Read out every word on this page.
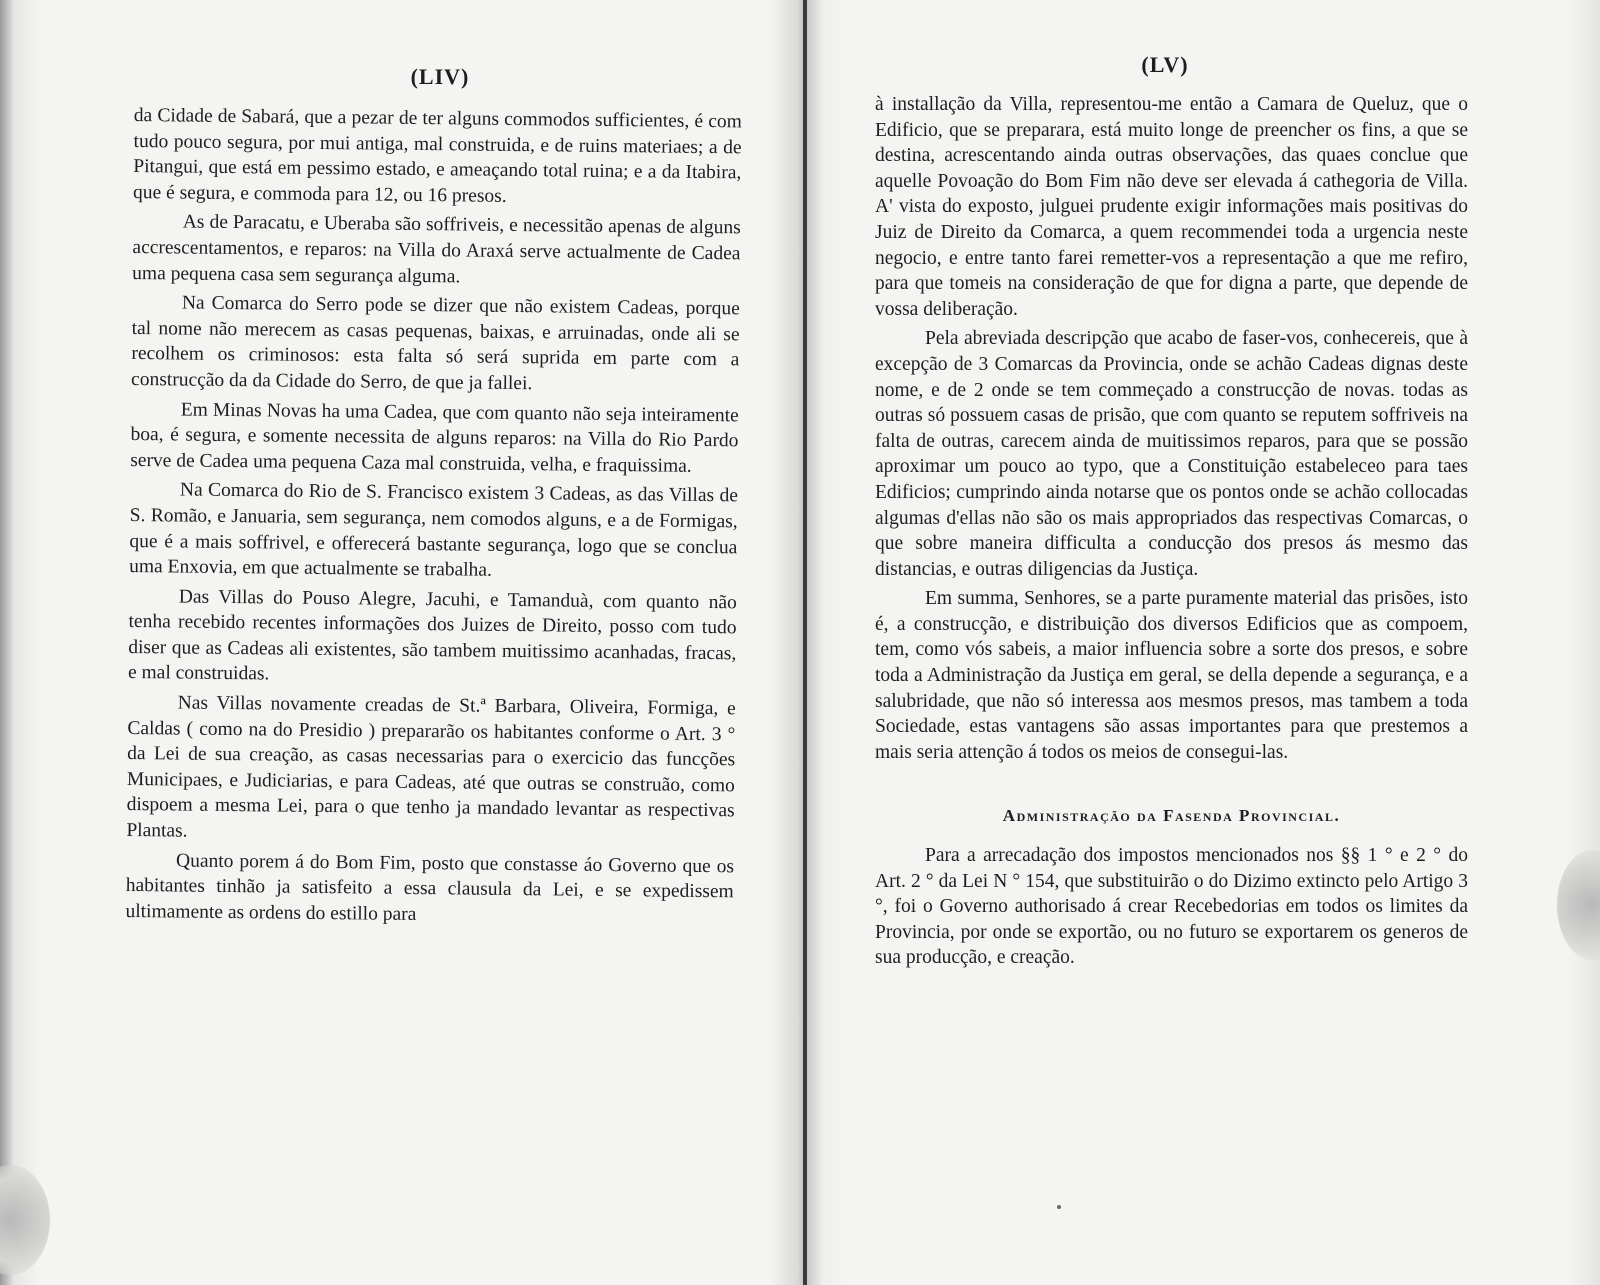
(LIV)

da Cidade de Sabará, que a pezar de ter alguns commodos sufficientes, é com tudo pouco segura, por mui antiga, mal construida, e de ruins materiaes; a de Pitangui, que está em pessimo estado, e ameaçando total ruina; e a da Itabira, que é segura, e commoda para 12, ou 16 presos.

As de Paracatu, e Uberaba são soffriveis, e necessitão apenas de alguns accrescentamentos, e reparos: na Villa do Araxá serve actualmente de Cadea uma pequena casa sem segurança alguma.

Na Comarca do Serro pode se dizer que não existem Cadeas, porque tal nome não merecem as casas pequenas, baixas, e arruinadas, onde ali se recolhem os criminosos: esta falta só será suprida em parte com a construcção da da Cidade do Serro, de que ja fallei.

Em Minas Novas ha uma Cadea, que com quanto não seja inteiramente boa, é segura, e somente necessita de alguns reparos: na Villa do Rio Pardo serve de Cadea uma pequena Caza mal construida, velha, e fraquissima.

Na Comarca do Rio de S. Francisco existem 3 Cadeas, as das Villas de S. Romão, e Januaria, sem segurança, nem comodos alguns, e a de Formigas, que é a mais soffrivel, e offerecerá bastante segurança, logo que se concluа uma Enxovia, em que actualmente se trabalha.

Das Villas do Pouso Alegre, Jacuhi, e Tamanduà, com quanto não tenha recebido recentes informações dos Juizes de Direito, posso com tudo diser que as Cadeas ali existentes, são tambem muitissimo acanhadas, fracas, e mal construidas.

Nas Villas novamente creadas de St.ª Barbara, Oliveira, Formiga, e Caldas ( como na do Presidio ) prepararão os habitantes conforme o Art. 3 ° da Lei de sua creação, as casas necessarias para o exercicio das funcções Municipaes, e Judiciarias, e para Cadeas, até que outras se construão, como dispoem a mesma Lei, para o que tenho ja mandado levantar as respectivas Plantas.

Quanto porem á do Bom Fim, posto que constasse áo Governo que os habitantes tinhão ja satisfeito a essa clausula da Lei, e se expedissem ultimamente as ordens do estillo para

(LV)

à installação da Villa, representou-me então a Camara de Queluz, que o Edificio, que se preparara, está muito longe de preencher os fins, a que se destina, acrescentando ainda outras observações, das quaes conclue que aquelle Povoação do Bom Fim não deve ser elevada á cathegoria de Villa. A' vista do exposto, julguei prudente exigir informações mais positivas do Juiz de Direito da Comarca, a quem recommendei toda a urgencia neste negocio, e entre tanto farei remetter-vos a representação a que me refiro, para que tomeis na consideração de que for digna a parte, que depende de vossa deliberação.

Pela abreviada descripção que acabo de faser-vos, conhecereis, que à excepção de 3 Comarcas da Provincia, onde se achão Cadeas dignas deste nome, e de 2 onde se tem commeçado a construcção de novas. todas as outras só possuem casas de prisão, que com quanto se reputem soffriveis na falta de outras, carecem ainda de muitissimos reparos, para que se possão aproximar um pouco ao typo, que a Constituição estabeleceo para taes Edificios; cumprindo ainda notarse que os pontos onde se achão collocadas algumas d'ellas não são os mais appropriados das respectivas Comarcas, o que sobre maneira difficulta a conducção dos presos ás mesmo das distancias, e outras diligencias da Justiça.

Em summa, Senhores, se a parte puramente material das prisões, isto é, a construcção, e distribuição dos diversos Edificios que as compoem, tem, como vós sabeis, a maior influencia sobre a sorte dos presos, e sobre toda a Administração da Justiça em geral, se della depende a segurança, e a salubridade, que não só interessa aos mesmos presos, mas tambem a toda Sociedade, estas vantagens são assas importantes para que prestemos a mais seria attenção á todos os meios de consegui-las.

Administração da Fasenda Provincial.

Para a arrecadação dos impostos mencionados nos §§ 1 ° e 2 ° do Art. 2 ° da Lei N ° 154, que substituirão o do Dizimo extincto pelo Artigo 3 °, foi o Governo authorisado á crear Recebedorias em todos os limites da Provincia, por onde se exportão, ou no futuro se exportarem os generos de sua producção, e creação.
